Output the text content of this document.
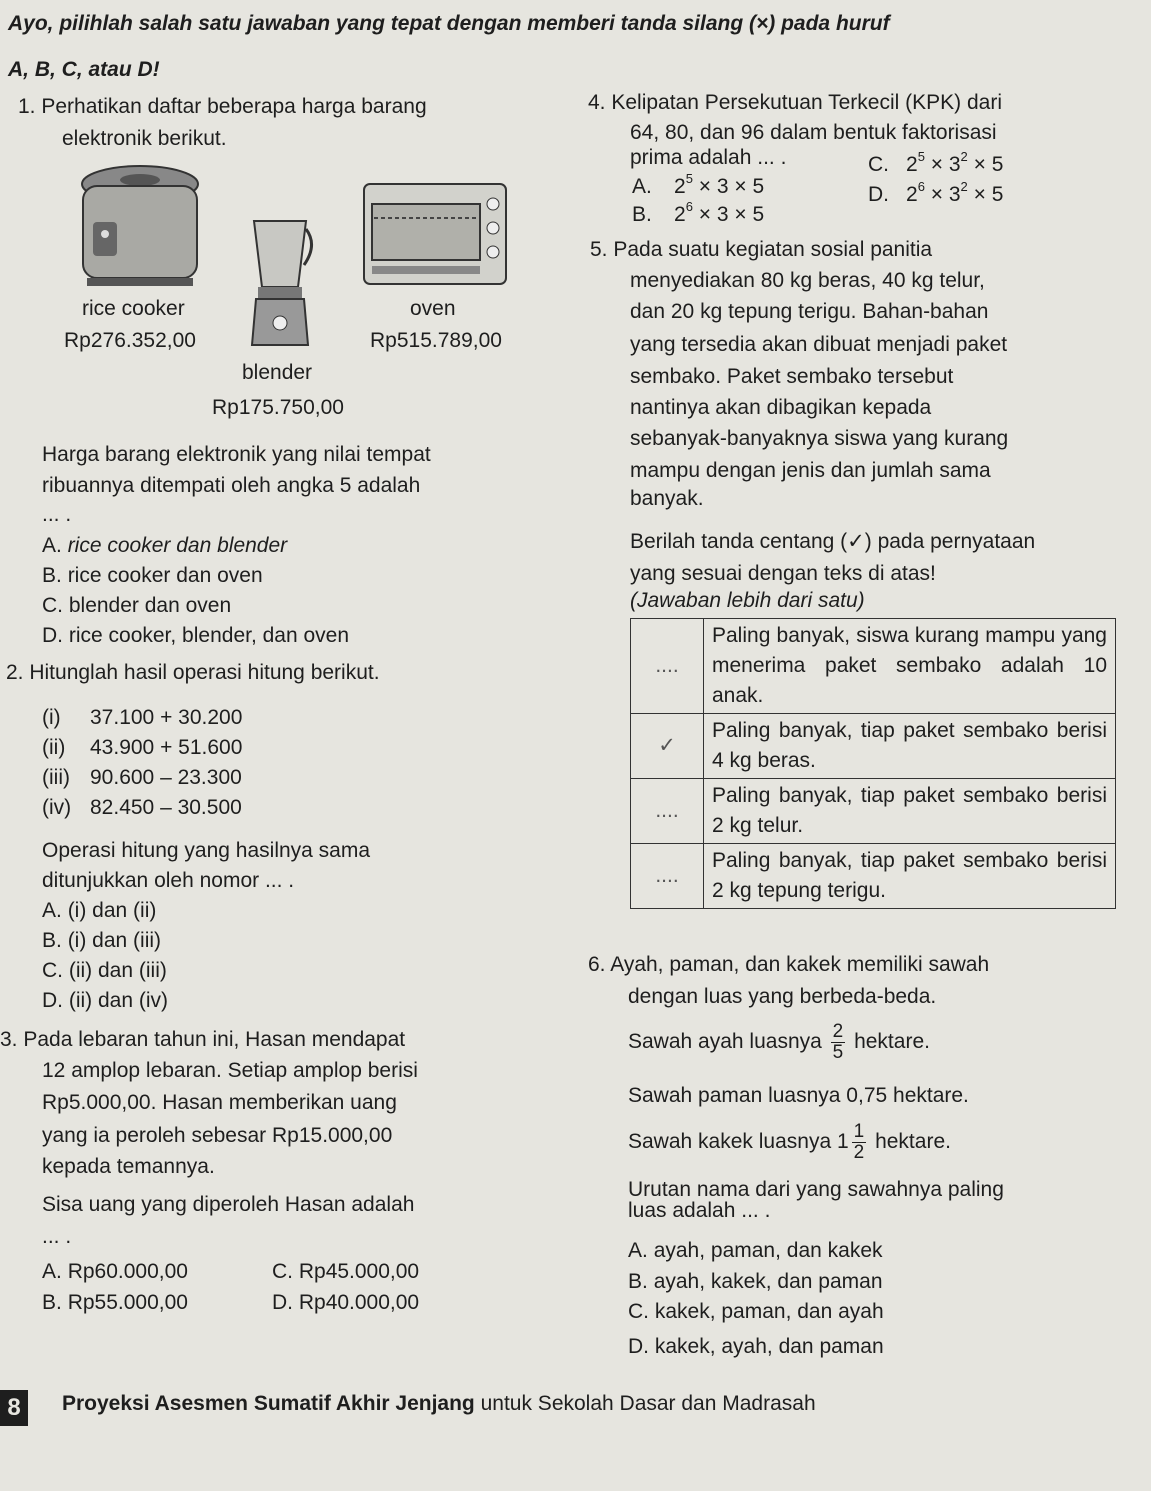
Ayo, pilihlah salah satu jawaban yang tepat dengan memberi tanda silang (×) pada huruf
A, B, C, atau D!
1. Perhatikan daftar beberapa harga barang
elektronik berikut.
rice cooker
Rp276.352,00
oven
Rp515.789,00
blender
Rp175.750,00
Harga barang elektronik yang nilai tempat
ribuannya ditempati oleh angka 5 adalah
... .
A. rice cooker dan blender
B. rice cooker dan oven
C. blender dan oven
D. rice cooker, blender, dan oven
2. Hitunglah hasil operasi hitung berikut.
(i) 37.100 + 30.200
(ii) 43.900 + 51.600
(iii) 90.600 – 23.300
(iv) 82.450 – 30.500
Operasi hitung yang hasilnya sama
ditunjukkan oleh nomor ... .
A. (i) dan (ii)
B. (i) dan (iii)
C. (ii) dan (iii)
D. (ii) dan (iv)
3. Pada lebaran tahun ini, Hasan mendapat
12 amplop lebaran. Setiap amplop berisi
Rp5.000,00. Hasan memberikan uang
yang ia peroleh sebesar Rp15.000,00
kepada temannya.
Sisa uang yang diperoleh Hasan adalah
... .
A. Rp60.000,00
B. Rp55.000,00
C. Rp45.000,00
D. Rp40.000,00
4. Kelipatan Persekutuan Terkecil (KPK) dari
64, 80, dan 96 dalam bentuk faktorisasi
prima adalah ... .
A. $2^5 \times 3 \times 5$
B. $2^6 \times 3 \times 5$
C. $2^5 \times 3^2 \times 5$
D. $2^6 \times 3^2 \times 5$
5. Pada suatu kegiatan sosial panitia
menyediakan 80 kg beras, 40 kg telur,
dan 20 kg tepung terigu. Bahan-bahan
yang tersedia akan dibuat menjadi paket
sembako. Paket sembako tersebut
nantinya akan dibagikan kepada
sebanyak-banyaknya siswa yang kurang
mampu dengan jenis dan jumlah sama
banyak.
Berilah tanda centang (✓) pada pernyataan
yang sesuai dengan teks di atas!
(Jawaban lebih dari satu)
....	Paling banyak, siswa kurang mampu yang menerima paket sembako adalah 10 anak.
✓	Paling banyak, tiap paket sembako berisi 4 kg beras.
....	Paling banyak, tiap paket sembako berisi 2 kg telur.
....	Paling banyak, tiap paket sembako berisi 2 kg tepung terigu.
6. Ayah, paman, dan kakek memiliki sawah
dengan luas yang berbeda-beda.
Sawah ayah luasnya $\frac{2}{5}$ hektare.
Sawah paman luasnya 0,75 hektare.
Sawah kakek luasnya $1 \frac{1}{2}$ hektare.
Urutan nama dari yang sawahnya paling
luas adalah ... .
A. ayah, paman, dan kakek
B. ayah, kakek, dan paman
C. kakek, paman, dan ayah
D. kakek, ayah, dan paman
8	Proyeksi Asesmen Sumatif Akhir Jenjang untuk Sekolah Dasar dan Madrasah
